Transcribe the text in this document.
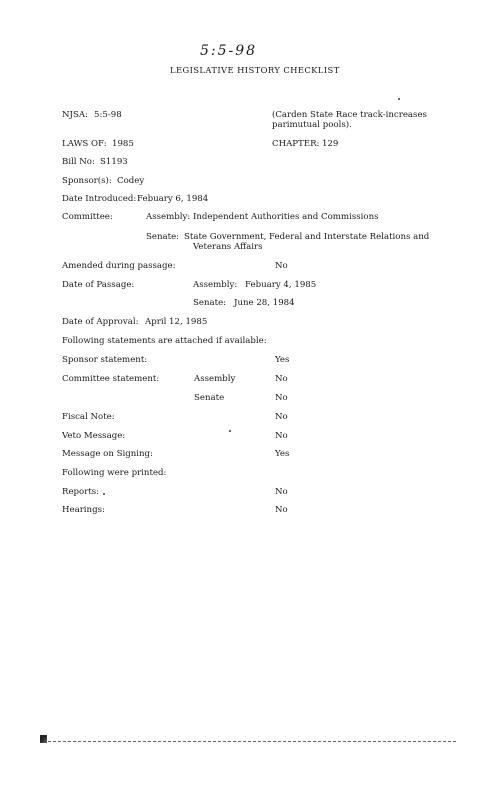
5:5-98
LEGISLATIVE HISTORY CHECKLIST
NJSA: 5:5-98	(Carden State Race track-increases
parimutual pools).
LAWS OF: 1985	CHAPTER: 129
Bill No: S1193
Sponsor(s): Codey
Date Introduced: Febuary 6, 1984
Committee:	Assembly: Independent Authorities and Commissions
Senate: State Government, Federal and Interstate Relations and
Veterans Affairs
Amended during passage:	No
Date of Passage:	Assembly: Febuary 4, 1985
Senate: June 28, 1984
Date of Approval: April 12, 1985
Following statements are attached if available:
Sponsor statement:	Yes
Committee statement:	Assembly	No
Senate	No
Fiscal Note:	No
Veto Message:	No
Message on Signing:	Yes
Following were printed:
Reports:	No
Hearings:	No
